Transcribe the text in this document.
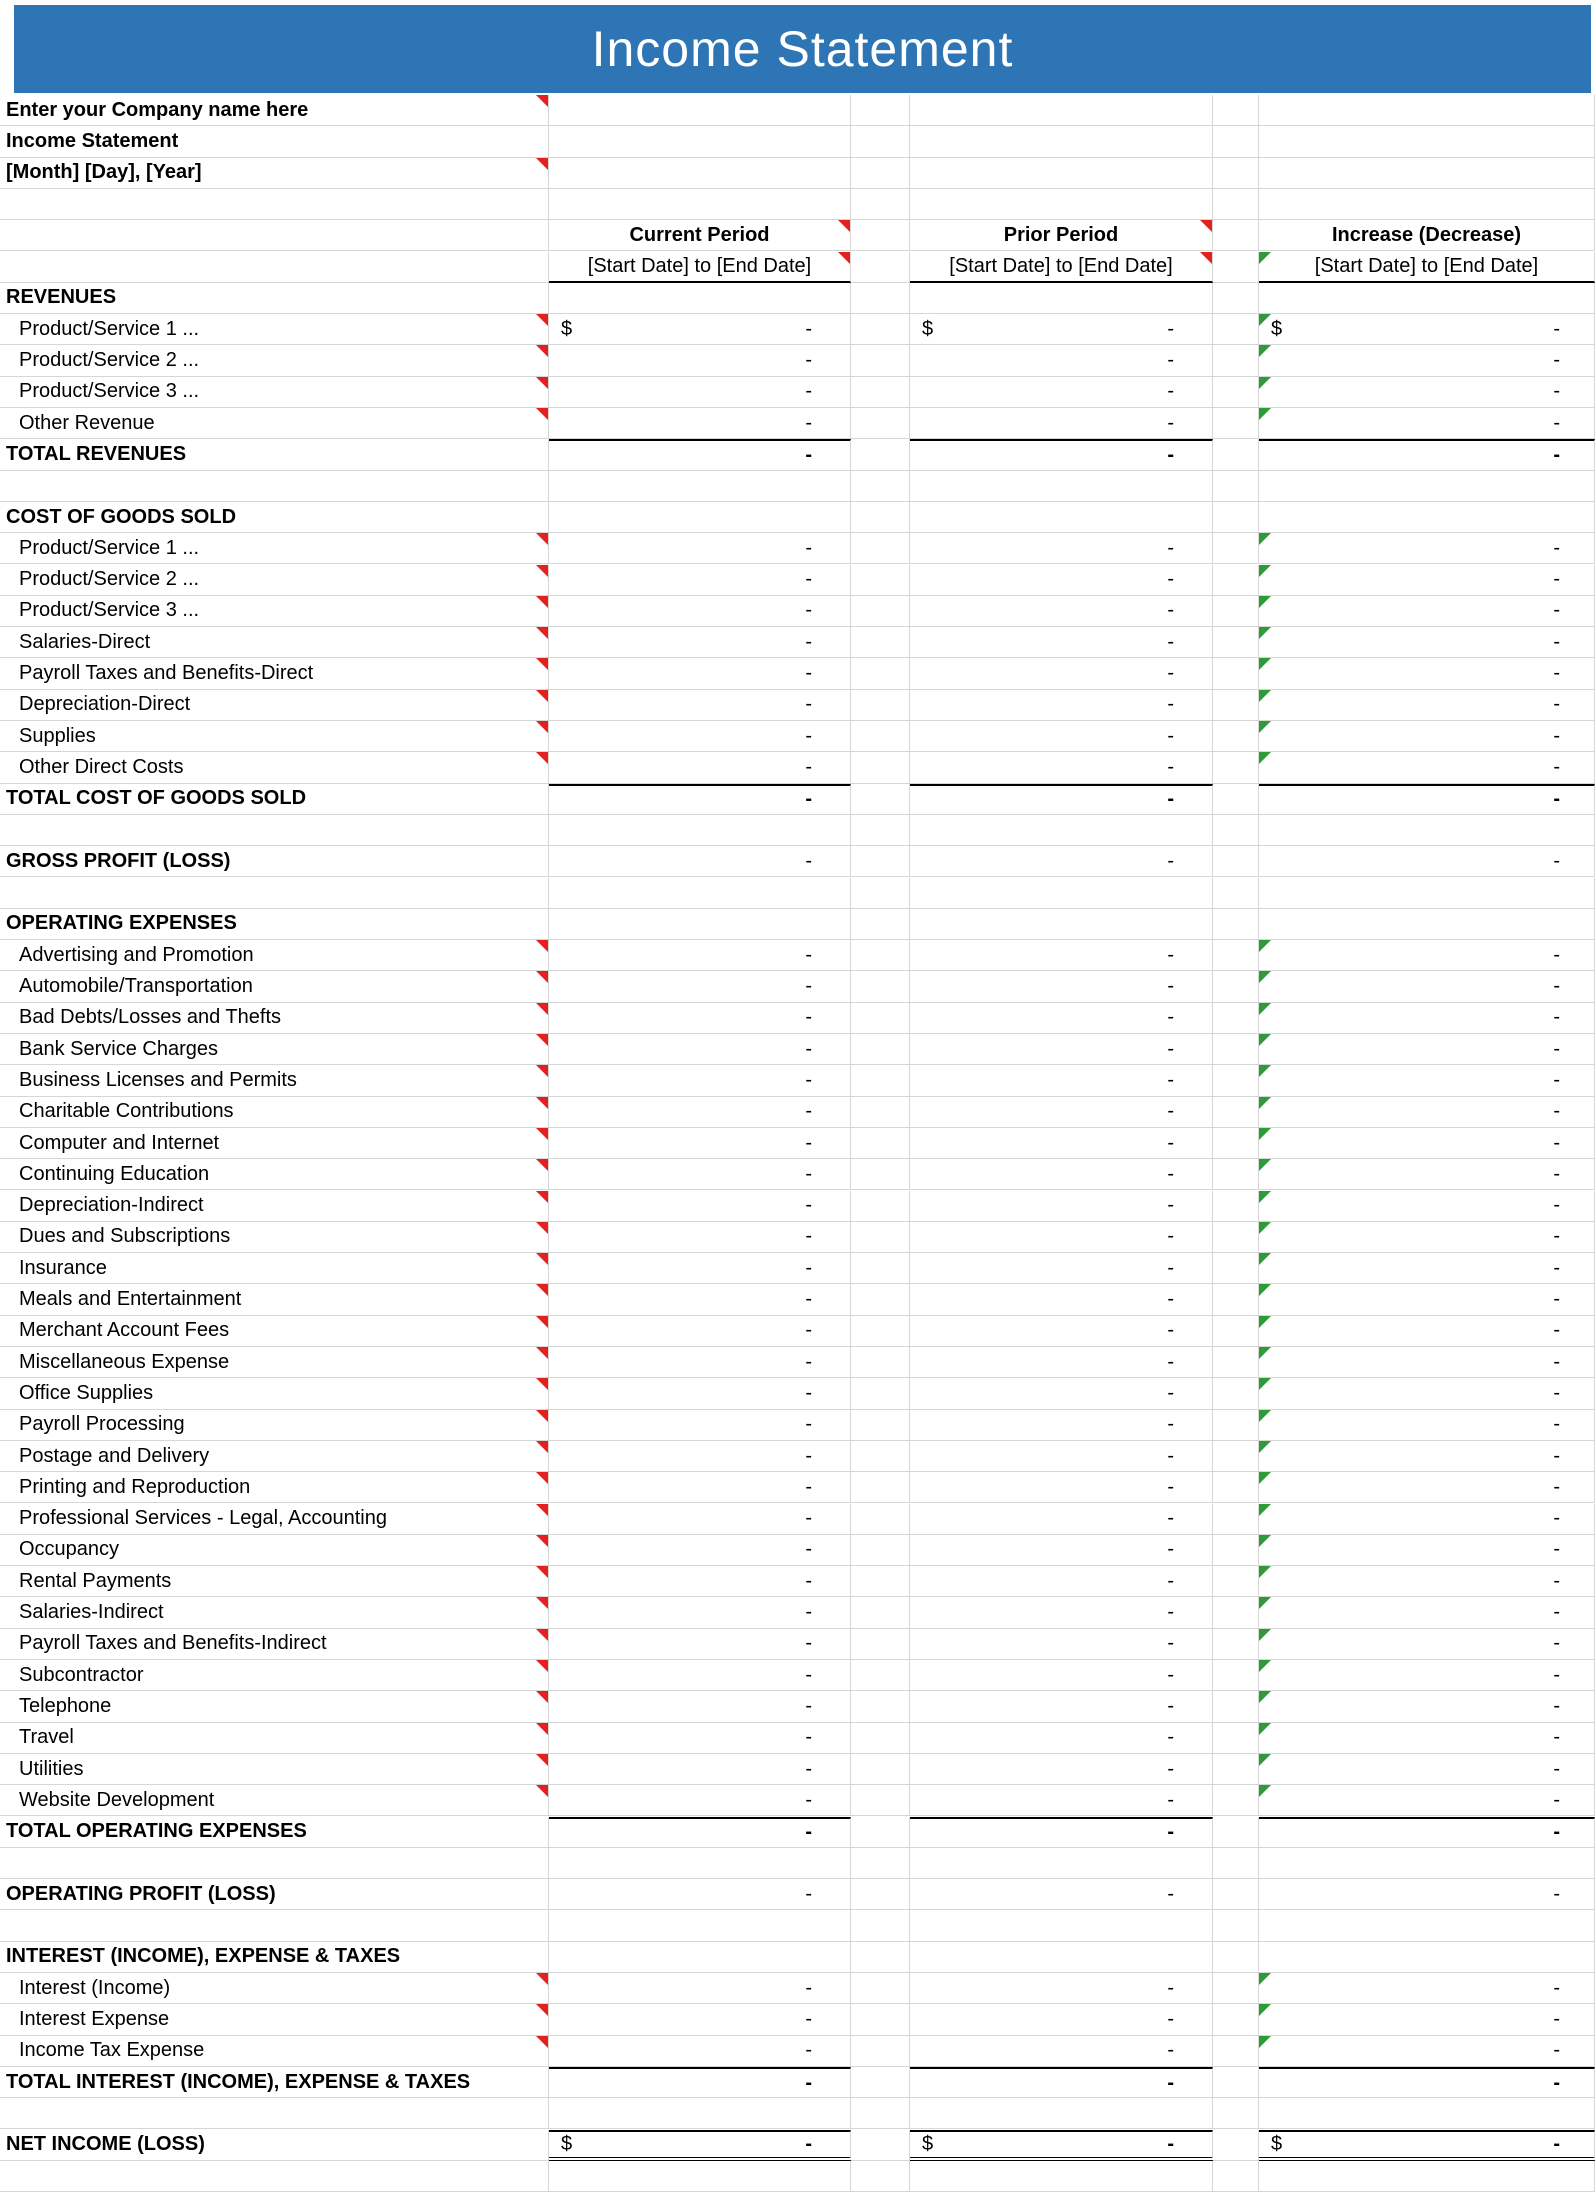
Income Statement
Enter your Company name here
Income Statement
[Month] [Day], [Year]
Current Period	Prior Period	Increase (Decrease)
[Start Date] to [End Date]	[Start Date] to [End Date]	[Start Date] to [End Date]
REVENUES
Product/Service 1 ...	$	-	$	-	$	-
Product/Service 2 ...	-	-	-
Product/Service 3 ...	-	-	-
Other Revenue	-	-	-
TOTAL REVENUES	-	-	-
COST OF GOODS SOLD
Product/Service 1 ...	-	-	-
Product/Service 2 ...	-	-	-
Product/Service 3 ...	-	-	-
Salaries-Direct	-	-	-
Payroll Taxes and Benefits-Direct	-	-	-
Depreciation-Direct	-	-	-
Supplies	-	-	-
Other Direct Costs	-	-	-
TOTAL COST OF GOODS SOLD	-	-	-
GROSS PROFIT (LOSS)	-	-	-
OPERATING EXPENSES
Advertising and Promotion	-	-	-
Automobile/Transportation	-	-	-
Bad Debts/Losses and Thefts	-	-	-
Bank Service Charges	-	-	-
Business Licenses and Permits	-	-	-
Charitable Contributions	-	-	-
Computer and Internet	-	-	-
Continuing Education	-	-	-
Depreciation-Indirect	-	-	-
Dues and Subscriptions	-	-	-
Insurance	-	-	-
Meals and Entertainment	-	-	-
Merchant Account Fees	-	-	-
Miscellaneous Expense	-	-	-
Office Supplies	-	-	-
Payroll Processing	-	-	-
Postage and Delivery	-	-	-
Printing and Reproduction	-	-	-
Professional Services - Legal, Accounting	-	-	-
Occupancy	-	-	-
Rental Payments	-	-	-
Salaries-Indirect	-	-	-
Payroll Taxes and Benefits-Indirect	-	-	-
Subcontractor	-	-	-
Telephone	-	-	-
Travel	-	-	-
Utilities	-	-	-
Website Development	-	-	-
TOTAL OPERATING EXPENSES	-	-	-
OPERATING PROFIT (LOSS)	-	-	-
INTEREST (INCOME), EXPENSE & TAXES
Interest (Income)	-	-	-
Interest Expense	-	-	-
Income Tax Expense	-	-	-
TOTAL INTEREST (INCOME), EXPENSE & TAXES	-	-	-
NET INCOME (LOSS)	$	-	$	-	$	-
